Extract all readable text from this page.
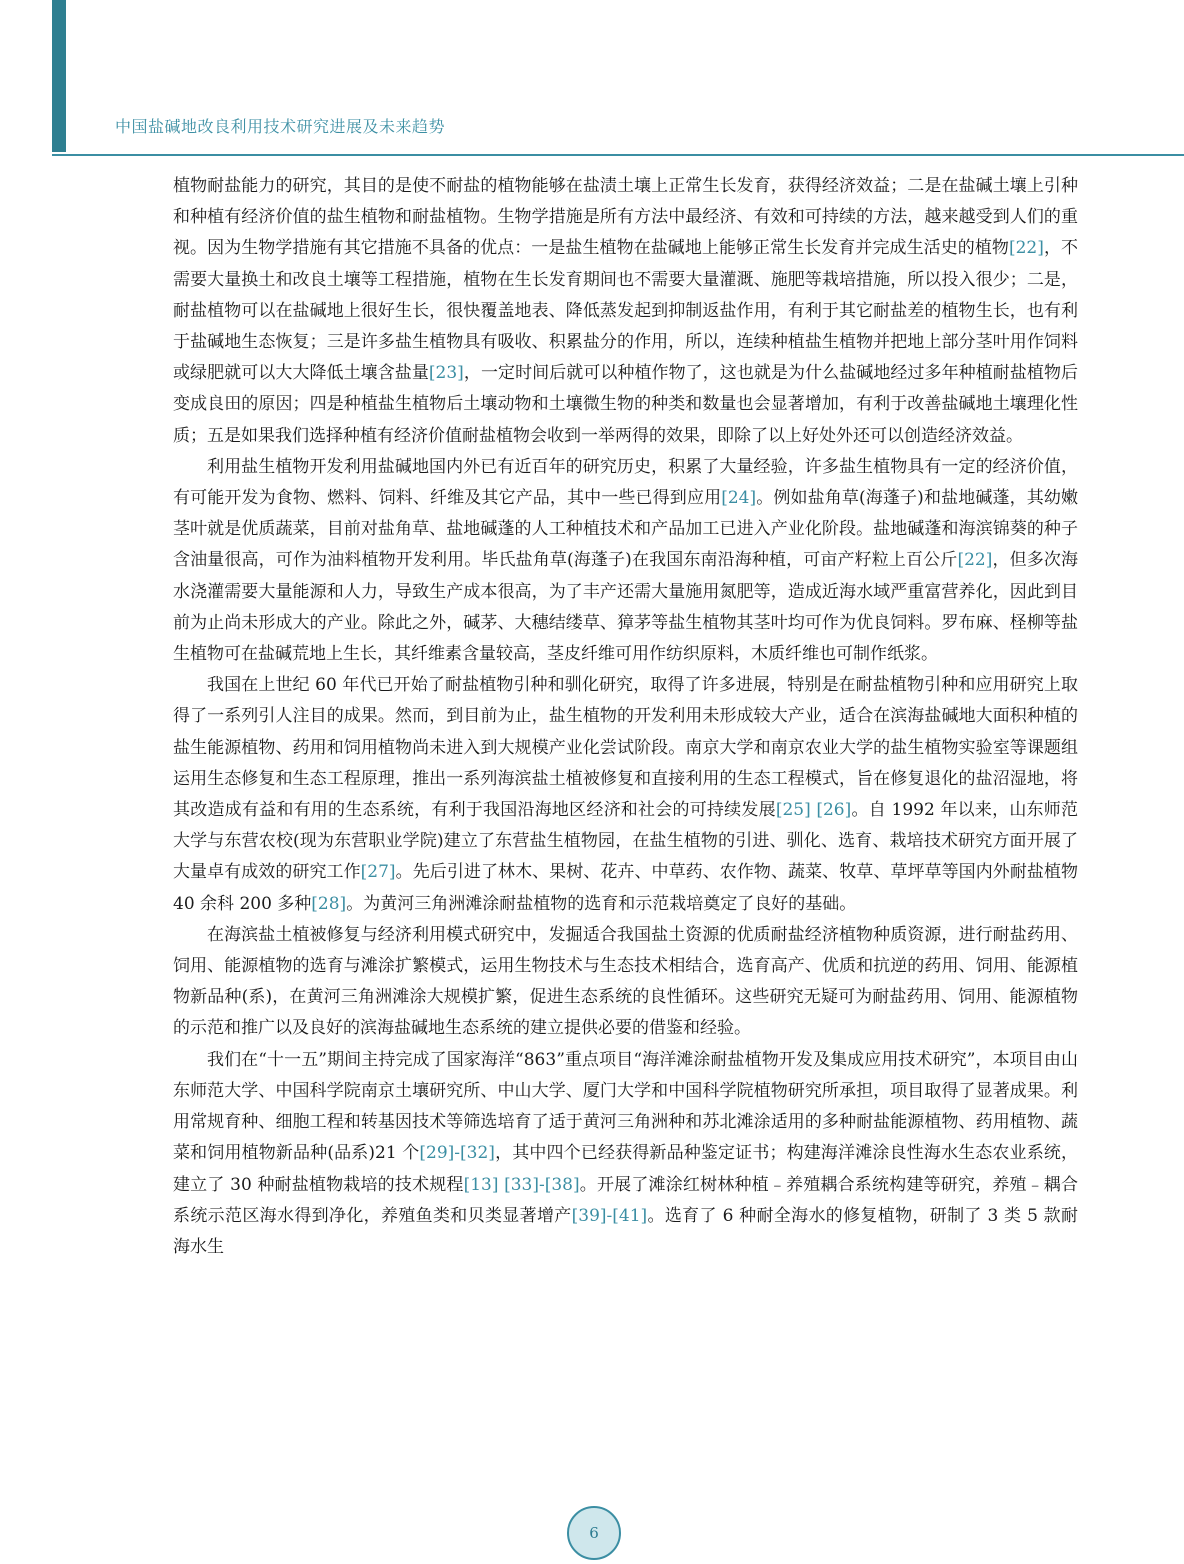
中国盐碱地改良利用技术研究进展及未来趋势

植物耐盐能力的研究，其目的是使不耐盐的植物能够在盐渍土壤上正常生长发育，获得经济效益；二是在盐碱土壤上引种和种植有经济价值的盐生植物和耐盐植物。生物学措施是所有方法中最经济、有效和可持续的方法，越来越受到人们的重视。因为生物学措施有其它措施不具备的优点：一是盐生植物在盐碱地上能够正常生长发育并完成生活史的植物[22]，不需要大量换土和改良土壤等工程措施，植物在生长发育期间也不需要大量灌溉、施肥等栽培措施，所以投入很少；二是，耐盐植物可以在盐碱地上很好生长，很快覆盖地表、降低蒸发起到抑制返盐作用，有利于其它耐盐差的植物生长，也有利于盐碱地生态恢复；三是许多盐生植物具有吸收、积累盐分的作用，所以，连续种植盐生植物并把地上部分茎叶用作饲料或绿肥就可以大大降低土壤含盐量[23]，一定时间后就可以种植作物了，这也就是为什么盐碱地经过多年种植耐盐植物后变成良田的原因；四是种植盐生植物后土壤动物和土壤微生物的种类和数量也会显著增加，有利于改善盐碱地土壤理化性质；五是如果我们选择种植有经济价值耐盐植物会收到一举两得的效果，即除了以上好处外还可以创造经济效益。

利用盐生植物开发利用盐碱地国内外已有近百年的研究历史，积累了大量经验，许多盐生植物具有一定的经济价值，有可能开发为食物、燃料、饲料、纤维及其它产品，其中一些已得到应用[24]。例如盐角草(海蓬子)和盐地碱蓬，其幼嫩茎叶就是优质蔬菜，目前对盐角草、盐地碱蓬的人工种植技术和产品加工已进入产业化阶段。盐地碱蓬和海滨锦葵的种子含油量很高，可作为油料植物开发利用。毕氏盐角草(海蓬子)在我国东南沿海种植，可亩产籽粒上百公斤[22]，但多次海水浇灌需要大量能源和人力，导致生产成本很高，为了丰产还需大量施用氮肥等，造成近海水域严重富营养化，因此到目前为止尚未形成大的产业。除此之外，碱茅、大穗结缕草、獐茅等盐生植物其茎叶均可作为优良饲料。罗布麻、柽柳等盐生植物可在盐碱荒地上生长，其纤维素含量较高，茎皮纤维可用作纺织原料，木质纤维也可制作纸浆。

我国在上世纪 60 年代已开始了耐盐植物引种和驯化研究，取得了许多进展，特别是在耐盐植物引种和应用研究上取得了一系列引人注目的成果。然而，到目前为止，盐生植物的开发利用未形成较大产业，适合在滨海盐碱地大面积种植的盐生能源植物、药用和饲用植物尚未进入到大规模产业化尝试阶段。南京大学和南京农业大学的盐生植物实验室等课题组运用生态修复和生态工程原理，推出一系列海滨盐土植被修复和直接利用的生态工程模式，旨在修复退化的盐沼湿地，将其改造成有益和有用的生态系统，有利于我国沿海地区经济和社会的可持续发展[25] [26]。自 1992 年以来，山东师范大学与东营农校(现为东营职业学院)建立了东营盐生植物园，在盐生植物的引进、驯化、选育、栽培技术研究方面开展了大量卓有成效的研究工作[27]。先后引进了林木、果树、花卉、中草药、农作物、蔬菜、牧草、草坪草等国内外耐盐植物 40 余科 200 多种[28]。为黄河三角洲滩涂耐盐植物的选育和示范栽培奠定了良好的基础。

在海滨盐土植被修复与经济利用模式研究中，发掘适合我国盐土资源的优质耐盐经济植物种质资源，进行耐盐药用、饲用、能源植物的选育与滩涂扩繁模式，运用生物技术与生态技术相结合，选育高产、优质和抗逆的药用、饲用、能源植物新品种(系)，在黄河三角洲滩涂大规模扩繁，促进生态系统的良性循环。这些研究无疑可为耐盐药用、饲用、能源植物的示范和推广以及良好的滨海盐碱地生态系统的建立提供必要的借鉴和经验。

我们在“十一五”期间主持完成了国家海洋“863”重点项目“海洋滩涂耐盐植物开发及集成应用技术研究”，本项目由山东师范大学、中国科学院南京土壤研究所、中山大学、厦门大学和中国科学院植物研究所承担，项目取得了显著成果。利用常规育种、细胞工程和转基因技术等筛选培育了适于黄河三角洲种和苏北滩涂适用的多种耐盐能源植物、药用植物、蔬菜和饲用植物新品种(品系)21 个[29]-[32]，其中四个已经获得新品种鉴定证书；构建海洋滩涂良性海水生态农业系统，建立了 30 种耐盐植物栽培的技术规程[13] [33]-[38]。开展了滩涂红树林种植﹣养殖耦合系统构建等研究，养殖﹣耦合系统示范区海水得到净化，养殖鱼类和贝类显著增产[39]-[41]。选育了 6 种耐全海水的修复植物，研制了 3 类 5 款耐海水生

6
